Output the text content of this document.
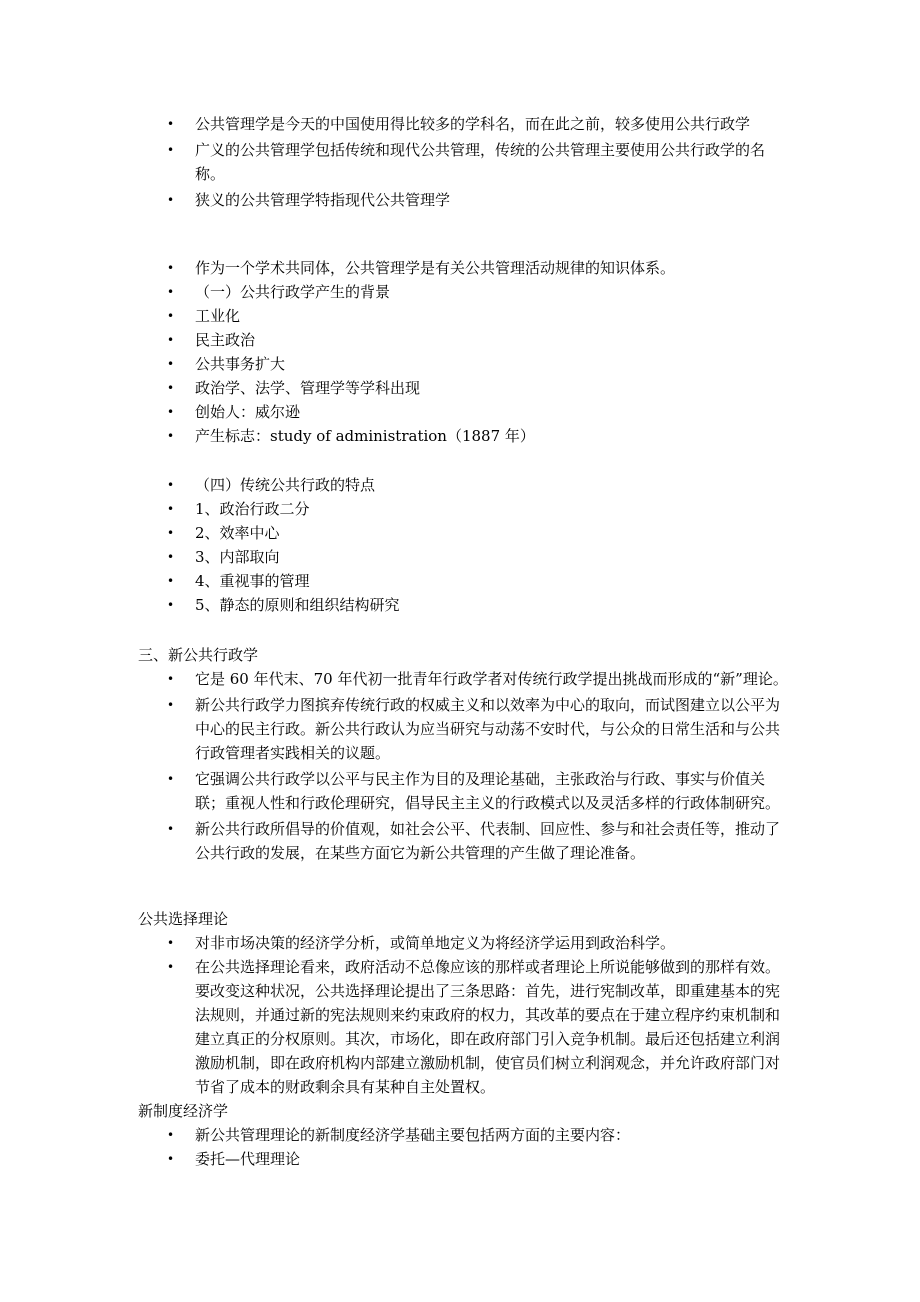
• 公共管理学是今天的中国使用得比较多的学科名，而在此之前，较多使用公共行政学
• 广义的公共管理学包括传统和现代公共管理，传统的公共管理主要使用公共行政学的名称。
• 狭义的公共管理学特指现代公共管理学
• 作为一个学术共同体，公共管理学是有关公共管理活动规律的知识体系。
• （一）公共行政学产生的背景
• 工业化
• 民主政治
• 公共事务扩大
• 政治学、法学、管理学等学科出现
• 创始人：威尔逊
• 产生标志：study of administration（1887 年）
• （四）传统公共行政的特点
• 1、政治行政二分
• 2、效率中心
• 3、内部取向
• 4、重视事的管理
• 5、静态的原则和组织结构研究
三、新公共行政学
• 它是 60 年代末、70 年代初一批青年行政学者对传统行政学提出挑战而形成的“新”理论。
• 新公共行政学力图摈弃传统行政的权威主义和以效率为中心的取向，而试图建立以公平为中心的民主行政。新公共行政认为应当研究与动荡不安时代，与公众的日常生活和与公共行政管理者实践相关的议题。
• 它强调公共行政学以公平与民主作为目的及理论基础，主张政治与行政、事实与价值关联；重视人性和行政伦理研究，倡导民主主义的行政模式以及灵活多样的行政体制研究。
• 新公共行政所倡导的价值观，如社会公平、代表制、回应性、参与和社会责任等，推动了公共行政的发展，在某些方面它为新公共管理的产生做了理论准备。
公共选择理论
• 对非市场决策的经济学分析，或简单地定义为将经济学运用到政治科学。
• 在公共选择理论看来，政府活动不总像应该的那样或者理论上所说能够做到的那样有效。要改变这种状况，公共选择理论提出了三条思路：首先，进行宪制改革，即重建基本的宪法规则，并通过新的宪法规则来约束政府的权力，其改革的要点在于建立程序约束机制和建立真正的分权原则。其次，市场化，即在政府部门引入竞争机制。最后还包括建立利润激励机制，即在政府机构内部建立激励机制，使官员们树立利润观念，并允许政府部门对节省了成本的财政剩余具有某种自主处置权。
新制度经济学
• 新公共管理理论的新制度经济学基础主要包括两方面的主要内容：
• 委托—代理理论
